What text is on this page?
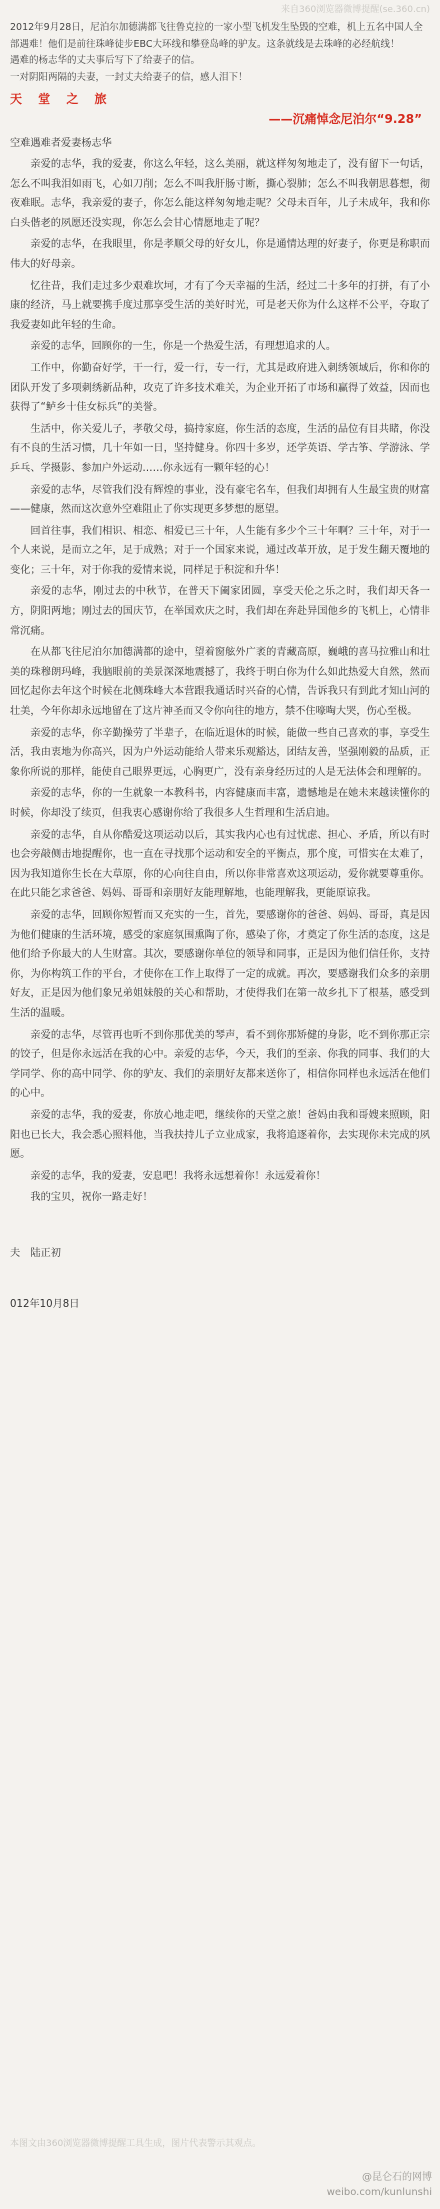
来自360浏览器微博提醒(se.360.cn)

2012年9月28日，尼泊尔加德满都飞往鲁克拉的一家小型飞机发生坠毁的空难，机上五名中国人全部遇难！他们是前往珠峰徒步EBC大环线和攀登岛峰的驴友。这条就线是去珠峰的必经航线！

遇难的杨志华的丈夫事后写下了给妻子的信。

一对阴阳两隔的夫妻，一封丈夫给妻子的信，感人泪下！

天 堂 之 旅
——沉痛悼念尼泊尔“9.28”
空难遇难者爱妻杨志华

亲爱的志华，我的爱妻，你这么年轻，这么美丽，就这样匆匆地走了，没有留下一句话，怎么不叫我泪如雨飞，心如刀削；怎么不叫我肝肠寸断，撕心裂肺；怎么不叫我朝思暮想，彻夜难眠。志华，我亲爱的妻子，你怎么能这样匆匆地走呢？父母未百年，儿子未成年，我和你白头偕老的夙愿还没实现，你怎么会甘心情愿地走了呢？

亲爱的志华，在我眼里，你是孝顺父母的好女儿，你是通情达理的好妻子，你更是称职而伟大的好母亲。

忆往昔，我们走过多少艰难坎坷，才有了今天幸福的生活，经过二十多年的打拼，有了小康的经济，马上就要携手度过那享受生活的美好时光，可是老天你为什么这样不公平，夺取了我爱妻如此年轻的生命。

亲爱的志华，回顾你的一生，你是一个热爱生活，有理想追求的人。

工作中，你勤奋好学，干一行，爱一行，专一行，尤其是政府进入刺绣领域后，你和你的团队开发了多项刺绣新品种，攻克了许多技术难关，为企业开拓了市场和赢得了效益，因而也获得了“鲈乡十佳女标兵”的美誉。

生活中，你关爱儿子，孝敬父母，搞持家庭，你生活的态度，生活的品位有目共睹，你没有不良的生活习惯，几十年如一日，坚持健身。你四十多岁，还学英语、学古筝、学游泳、学乒乓、学摄影、参加户外运动……你永远有一颗年轻的心！

亲爱的志华，尽管我们没有辉煌的事业，没有豪宅名车，但我们却拥有人生最宝贵的财富——健康，然而这次意外空难阻止了你实现更多梦想的愿望。

回首往事，我们相识、相恋、相爱已三十年，人生能有多少个三十年啊？三十年，对于一个人来说，是而立之年，足于成熟；对于一个国家来说，通过改革开放，足于发生翻天覆地的变化；三十年，对于你我的爱情来说，同样足于积淀和升华！

亲爱的志华，刚过去的中秋节，在普天下阖家团圆，享受天伦之乐之时，我们却天各一方，阴阳两地；刚过去的国庆节，在举国欢庆之时，我们却在奔赴异国他乡的飞机上，心情非常沉痛。

在从都飞往尼泊尔加德满都的途中，望着窗舷外广袤的青藏高原，巍峨的喜马拉雅山和壮美的珠穆朗玛峰，我脑眼前的美景深深地震撼了，我终于明白你为什么如此热爱大自然，然而回忆起你去年这个时候在北侧珠峰大本营跟我通话时兴奋的心情，告诉我只有到此才知山河的壮美，今年你却永远地留在了这片神圣而又令你向往的地方，禁不住嚎啕大哭，伤心至极。

亲爱的志华，你辛勤操劳了半辈子，在临近退休的时候，能做一些自己喜欢的事，享受生活，我由衷地为你高兴，因为户外运动能给人带来乐观豁达，团结友善，坚强刚毅的品质，正象你所说的那样，能使自己眼界更远，心胸更广，没有亲身经历过的人是无法体会和理解的。

亲爱的志华，你的一生就象一本教科书，内容健康而丰富，遗憾地是在她未来越读懂你的时候，你却没了续页，但我衷心感谢你给了我很多人生哲理和生活启迪。

亲爱的志华，自从你酷爱这项运动以后，其实我内心也有过忧虑、担心、矛盾，所以有时也会旁敲侧击地提醒你，也一直在寻找那个运动和安全的平衡点，那个度，可惜实在太难了，因为我知道你生长在大草原，你的心向往自由，所以你非常喜欢这项运动，爱你就要尊重你。在此只能乞求爸爸、妈妈、哥哥和亲朋好友能理解地，也能理解我，更能原谅我。

亲爱的志华，回顾你短暂而又充实的一生，首先，要感谢你的爸爸、妈妈、哥哥，真是因为他们健康的生活环境，感受的家庭氛围熏陶了你，感染了你，才奠定了你生活的态度，这是他们给予你最大的人生财富。其次，要感谢你单位的领导和同事，正是因为他们信任你，支持你，为你构筑工作的平台，才使你在工作上取得了一定的成就。再次，要感谢我们众多的亲朋好友，正是因为他们象兄弟姐妹般的关心和帮助，才使得我们在第一故乡扎下了根基，感受到生活的温暖。

亲爱的志华，尽管再也听不到你那优美的琴声，看不到你那矫健的身影，吃不到你那正宗的饺子，但是你永远活在我的心中。亲爱的志华，今天，我们的至亲、你我的同事、我们的大学同学、你的高中同学、你的驴友、我们的亲朋好友都来送你了，相信你同样也永远活在他们的心中。

亲爱的志华，我的爱妻，你放心地走吧，继续你的天堂之旅！爸妈由我和哥嫂来照顾，阳阳也已长大，我会悉心照料他，当我扶持儿子立业成家，我将追逐着你，去实现你未完成的夙愿。

亲爱的志华，我的爱妻，安息吧！我将永远想着你！永远爱着你！

我的宝贝，祝你一路走好！

夫　陆正初
012年10月8日
本图文由360浏览器微博提醒工具生成，图片代表警示其观点。
@昆仑石的网博
weibo.com/kunlunshi
